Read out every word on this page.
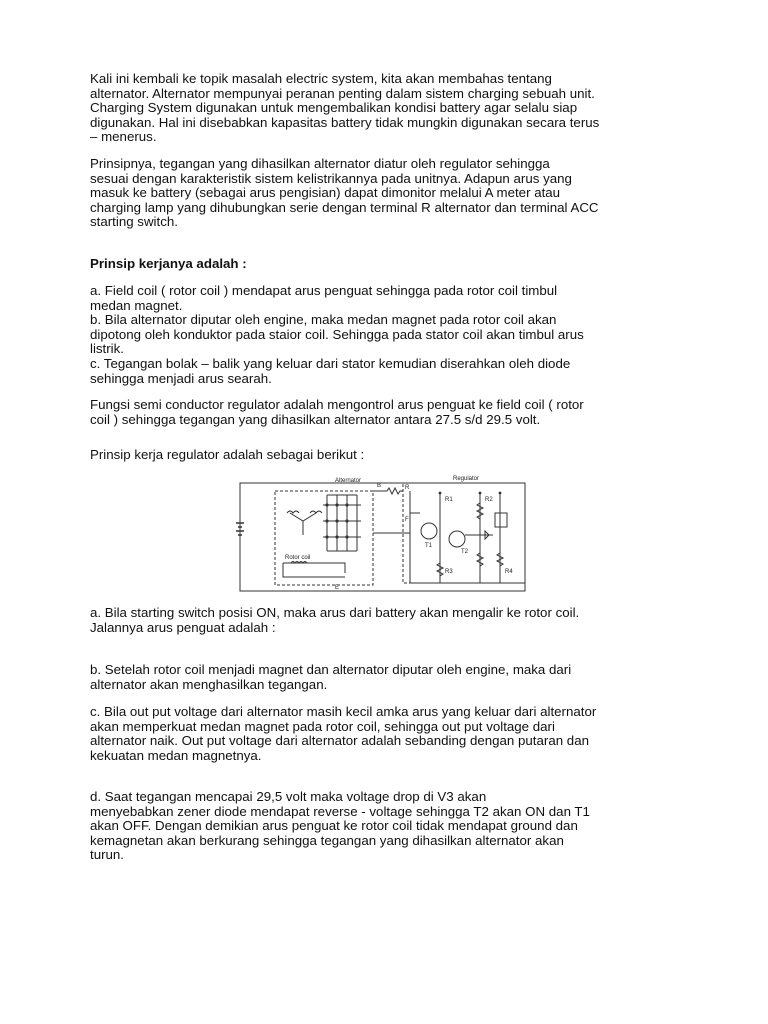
Kali ini kembali ke topik masalah electric system, kita akan membahas tentang
alternator. Alternator mempunyai peranan penting dalam sistem charging sebuah unit.
Charging System digunakan untuk mengembalikan kondisi battery agar selalu siap
digunakan. Hal ini disebabkan kapasitas battery tidak mungkin digunakan secara terus
– menerus.

Prinsipnya, tegangan yang dihasilkan alternator diatur oleh regulator sehingga
sesuai dengan karakteristik sistem kelistrikannya pada unitnya. Adapun arus yang
masuk ke battery (sebagai arus pengisian) dapat dimonitor melalui A meter atau
charging lamp yang dihubungkan serie dengan terminal R alternator dan terminal ACC
starting switch.

Prinsip kerjanya adalah :

a. Field coil ( rotor coil ) mendapat arus penguat sehingga pada rotor coil timbul
medan magnet.
b. Bila alternator diputar oleh engine, maka medan magnet pada rotor coil akan
dipotong oleh konduktor pada staior coil. Sehingga pada stator coil akan timbul arus
listrik.
c. Tegangan bolak – balik yang keluar dari stator kemudian diserahkan oleh diode
sehingga menjadi arus searah.

Fungsi semi conductor regulator adalah mengontrol arus penguat ke field coil ( rotor
coil ) sehingga tegangan yang dihasilkan alternator antara 27.5 s/d 29.5 volt.

Prinsip kerja regulator adalah sebagai berikut :

Alternator	Regulator
Rotor coil
B	R
F
E
R1	R2
R3	R4
T1
T2

a. Bila starting switch posisi ON, maka arus dari battery akan mengalir ke rotor coil.
Jalannya arus penguat adalah :

b. Setelah rotor coil menjadi magnet dan alternator diputar oleh engine, maka dari
alternator akan menghasilkan tegangan.

c. Bila out put voltage dari alternator masih kecil amka arus yang keluar dari alternator
akan memperkuat medan magnet pada rotor coil, sehingga out put voltage dari
alternator naik. Out put voltage dari alternator adalah sebanding dengan putaran dan
kekuatan medan magnetnya.

d. Saat tegangan mencapai 29,5 volt maka voltage drop di V3 akan
menyebabkan zener diode mendapat reverse - voltage sehingga T2 akan ON dan T1
akan OFF. Dengan demikian arus penguat ke rotor coil tidak mendapat ground dan
kemagnetan akan berkurang sehingga tegangan yang dihasilkan alternator akan
turun.
